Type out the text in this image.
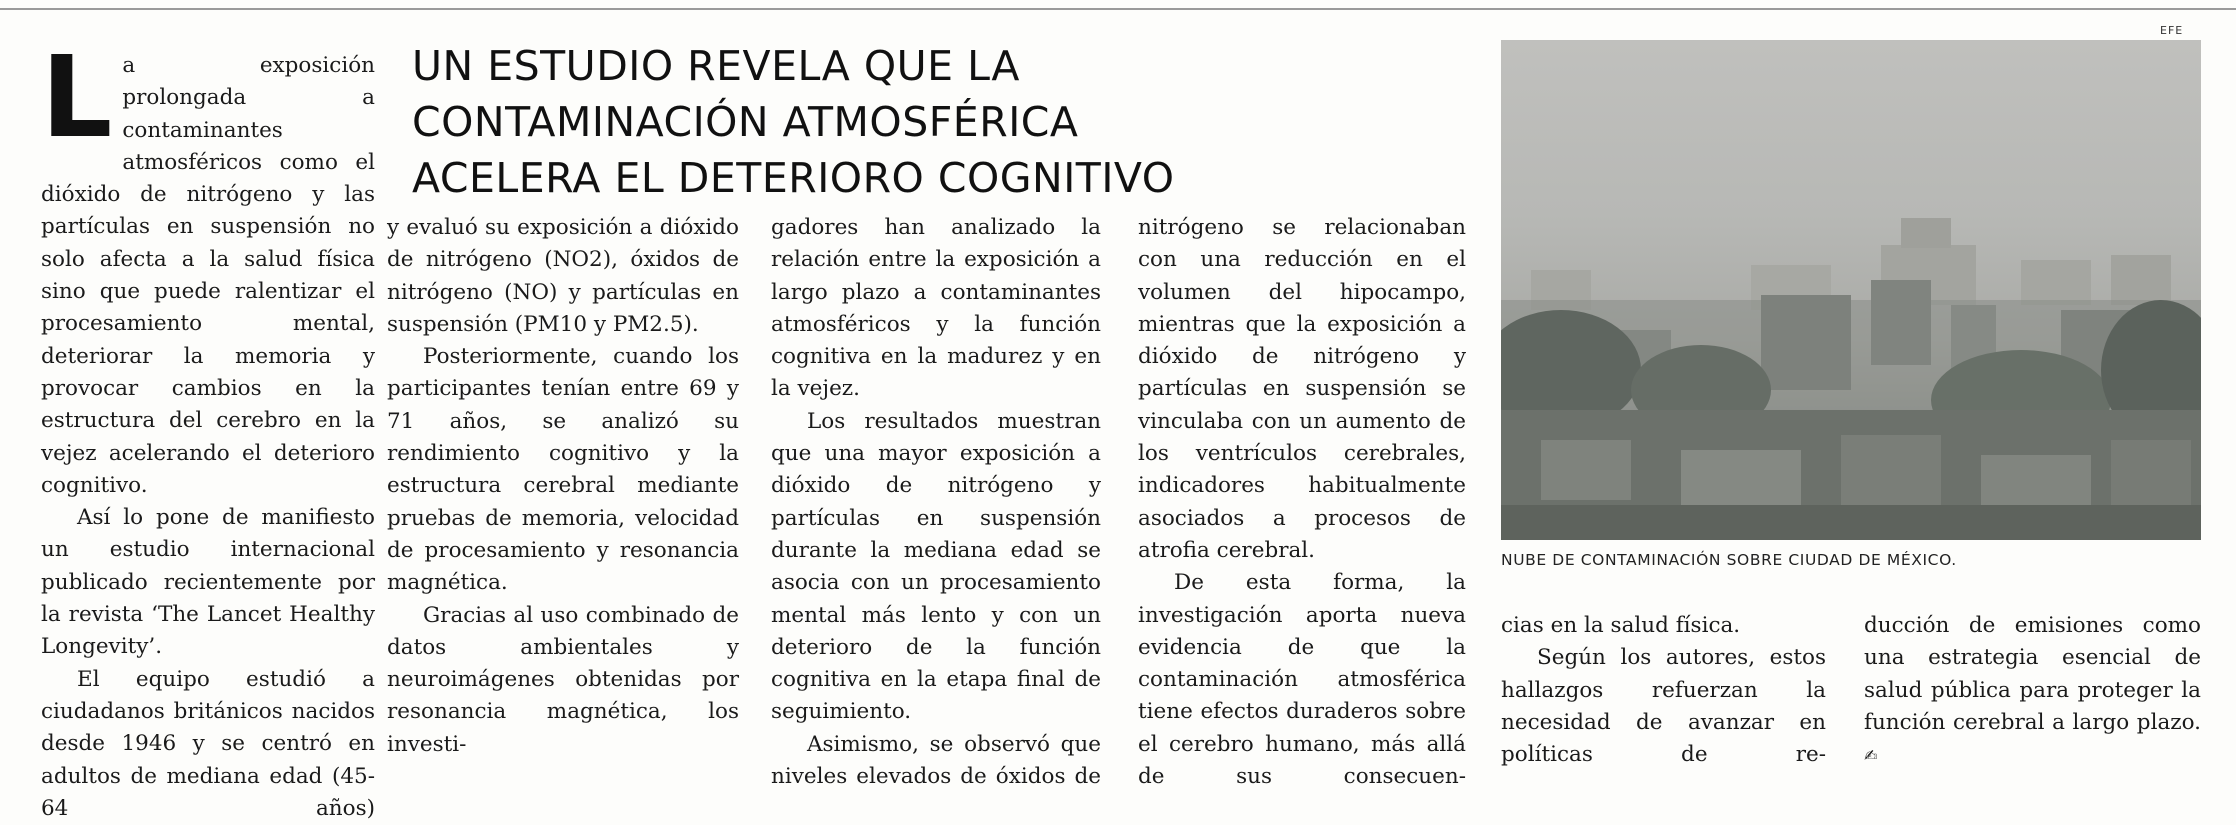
L a exposición prolongada a contaminantes atmosféricos como el dióxido de nitrógeno y las partículas en suspensión no solo afecta a la salud física sino que puede ralentizar el procesamiento mental, deteriorar la memoria y provocar cambios en la estructura del cerebro en la vejez acelerando el deterioro cognitivo.

Así lo pone de manifiesto un estudio internacional publicado recientemente por la revista ‘The Lancet Healthy Longevity’.

El equipo estudió a ciudadanos británicos nacidos desde 1946 y se centró en adultos de mediana edad (45-64 años)

UN ESTUDIO REVELA QUE LA
CONTAMINACIÓN ATMOSFÉRICA
ACELERA EL DETERIORO COGNITIVO

y evaluó su exposición a dióxido de nitrógeno (NO2), óxidos de nitrógeno (NO) y partículas en suspensión (PM10 y PM2.5).

Posteriormente, cuando los participantes tenían entre 69 y 71 años, se analizó su rendimiento cognitivo y la estructura cerebral mediante pruebas de memoria, velocidad de procesamiento y resonancia magnética.

Gracias al uso combinado de datos ambientales y neuroimágenes obtenidas por resonancia magnética, los investi-

gadores han analizado la relación entre la exposición a largo plazo a contaminantes atmosféricos y la función cognitiva en la madurez y en la vejez.

Los resultados muestran que una mayor exposición a dióxido de nitrógeno y partículas en suspensión durante la mediana edad se asocia con un procesamiento mental más lento y con un deterioro de la función cognitiva en la etapa final de seguimiento.

Asimismo, se observó que niveles elevados de óxidos de

nitrógeno se relacionaban con una reducción en el volumen del hipocampo, mientras que la exposición a dióxido de nitrógeno y partículas en suspensión se vinculaba con un aumento de los ventrículos cerebrales, indicadores habitualmente asociados a procesos de atrofia cerebral.

De esta forma, la investigación aporta nueva evidencia de que la contaminación atmosférica tiene efectos duraderos sobre el cerebro humano, más allá de sus consecuen-

EFE
NUBE DE CONTAMINACIÓN SOBRE CIUDAD DE MÉXICO.

cias en la salud física.

Según los autores, estos hallazgos refuerzan la necesidad de avanzar en políticas de re-

ducción de emisiones como una estrategia esencial de salud pública para proteger la función cerebral a largo plazo. ✍
